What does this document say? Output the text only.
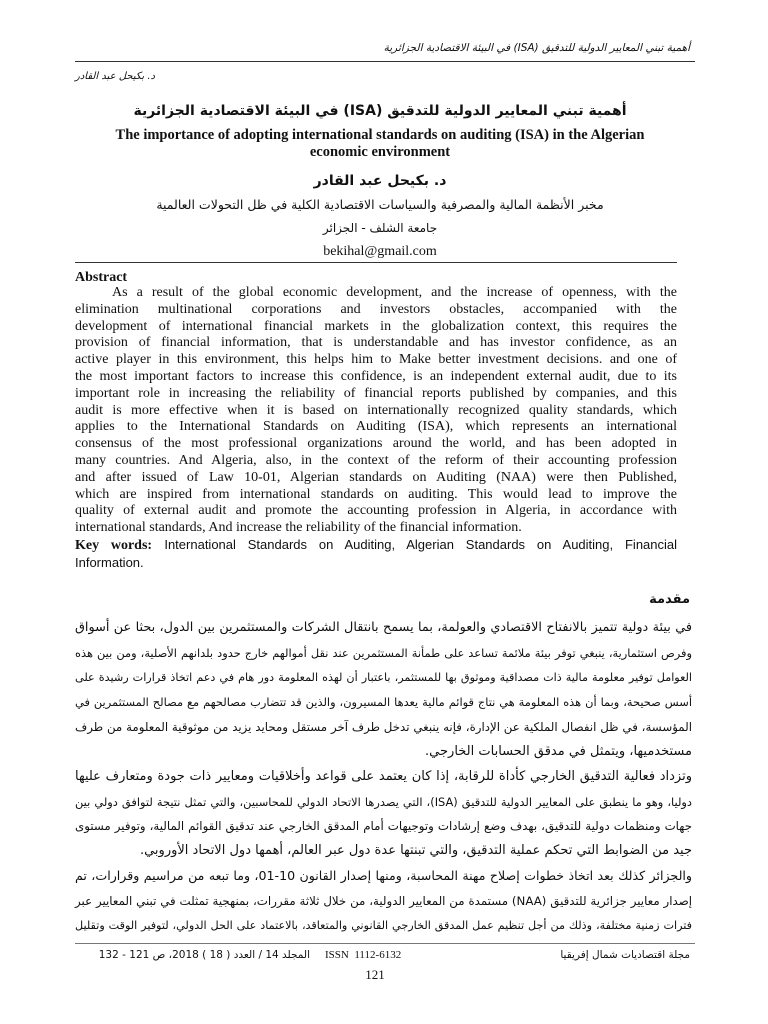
أهمية تبني المعايير الدولية للتدقيق (ISA) في البيئة الاقتصادية الجزائرية
د. بكيحل عبد القادر
أهمية تبني المعايير الدولية للتدقيق (ISA) في البيئة الاقتصادية الجزائرية
The importance of adopting international standards on auditing (ISA) in the Algerian
economic environment
د. بكيحل عبد القادر
مخبر الأنظمة المالية والمصرفية والسياسات الاقتصادية الكلية في ظل التحولات العالمية
جامعة الشلف - الجزائر
bekihal@gmail.com
Abstract
As a result of the global economic development, and the increase of openness, with the
elimination multinational corporations and investors obstacles, accompanied with the
development of international financial markets in the globalization context, this requires the
provision of financial information, that is understandable and has investor confidence, as an
active player in this environment, this helps him to Make better investment decisions. and one of
the most important factors to increase this confidence, is an independent external audit, due to its
important role in increasing the reliability of financial reports published by companies, and this
audit is more effective when it is based on internationally recognized quality standards, which
applies to the International Standards on Auditing (ISA), which represents an international
consensus of the most professional organizations around the world, and has been adopted in
many countries. And Algeria, also, in the context of the reform of their accounting profession
and after issued of Law 10-01, Algerian standards on Auditing (NAA) were then Published,
which are inspired from international standards on auditing. This would lead to improve the
quality of external audit and promote the accounting profession in Algeria, in accordance with
international standards, And increase the reliability of the financial information.
Key words: International Standards on Auditing, Algerian Standards on Auditing, Financial
Information.
مقدمة
في بيئة دولية تتميز بالانفتاح الاقتصادي والعولمة، بما يسمح بانتقال الشركات والمستثمرين بين الدول، بحثا عن أسواق
وفرص استثمارية، ينبغي توفر بيئة ملائمة تساعد على طمأنة المستثمرين عند نقل أموالهم خارج حدود بلدانهم الأصلية، ومن بين هذه
العوامل توفير معلومة مالية ذات مصداقية وموثوق بها للمستثمر، باعتبار أن لهذه المعلومة دور هام في دعم اتخاذ قرارات رشيدة على
أسس صحيحة، وبما أن هذه المعلومة هي نتاج قوائم مالية يعدها المسيرون، والذين قد تتضارب مصالحهم مع مصالح المستثمرين في
المؤسسة، في ظل انفصال الملكية عن الإدارة، فإنه ينبغي تدخل طرف آخر مستقل ومحايد يزيد من موثوقية المعلومة من طرف
مستخدميها، ويتمثل في مدقق الحسابات الخارجي.
وتزداد فعالية التدقيق الخارجي كأداة للرقابة، إذا كان يعتمد على قواعد وأخلاقيات ومعايير ذات جودة ومتعارف عليها
دوليا، وهو ما ينطبق على المعايير الدولية للتدقيق (ISA)، التي يصدرها الاتحاد الدولي للمحاسبين، والتي تمثل نتيجة لتوافق دولي بين
جهات ومنظمات دولية للتدقيق، بهدف وضع إرشادات وتوجيهات أمام المدقق الخارجي عند تدقيق القوائم المالية، وتوفير مستوى
جيد من الضوابط التي تحكم عملية التدقيق، والتي تبنتها عدة دول عبر العالم، أهمها دول الاتحاد الأوروبي.
والجزائر كذلك بعد اتخاذ خطوات إصلاح مهنة المحاسبة، ومنها إصدار القانون 10-01، وما تبعه من مراسيم وقرارات، تم
إصدار معايير جزائرية للتدقيق (NAA) مستمدة من المعايير الدولية، من خلال ثلاثة مقررات، بمنهجية تمثلت في تبني المعايير عبر
فترات زمنية مختلفة، وذلك من أجل تنظيم عمل المدقق الخارجي القانوني والمتعاقد، بالاعتماد على الحل الدولي، لتوفير الوقت وتقليل
مجلة اقتصاديات شمال إفريقيا
ISSN  1112-6132
المجلد 14 / العدد ( 18 ) 2018، ص 121 - 132
121
